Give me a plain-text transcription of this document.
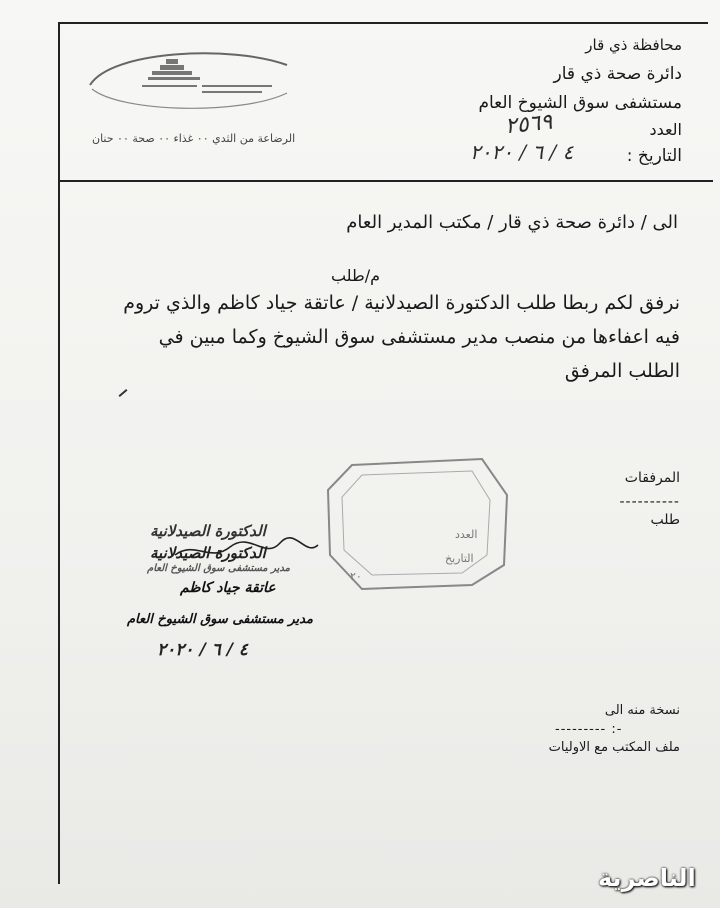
الرضاعة من الثدي ٠٠ غذاء ٠٠ صحة ٠٠ حنان
محافظة ذي قار
دائرة صحة ذي قار
مستشفى سوق الشيوخ العام
العدد
التاريخ :
٢٥٦٩
٤ / ٦ / ٢٠٢٠
الى / دائرة صحة ذي قار / مكتب المدير العام
م/طلب
نرفق لكم ربطا طلب الدكتورة الصيدلانية / عاتقة جياد كاظم والذي تروم
فيه اعفاءها من منصب مدير مستشفى سوق الشيوخ وكما مبين في
الطلب المرفق
المرفقات
----------
طلب
العدد
التاريخ
٢٠
الدكتورة الصيدلانية
الدكتورة الصيدلانية
مدير مستشفى سوق الشيوخ العام
عاتقة جياد كاظم
مدير مستشفى سوق الشيوخ العام
٤ / ٦ / ٢٠٢٠
نسخة منه الى
--------- :-
ملف المكتب مع الاوليات
الناصرية
